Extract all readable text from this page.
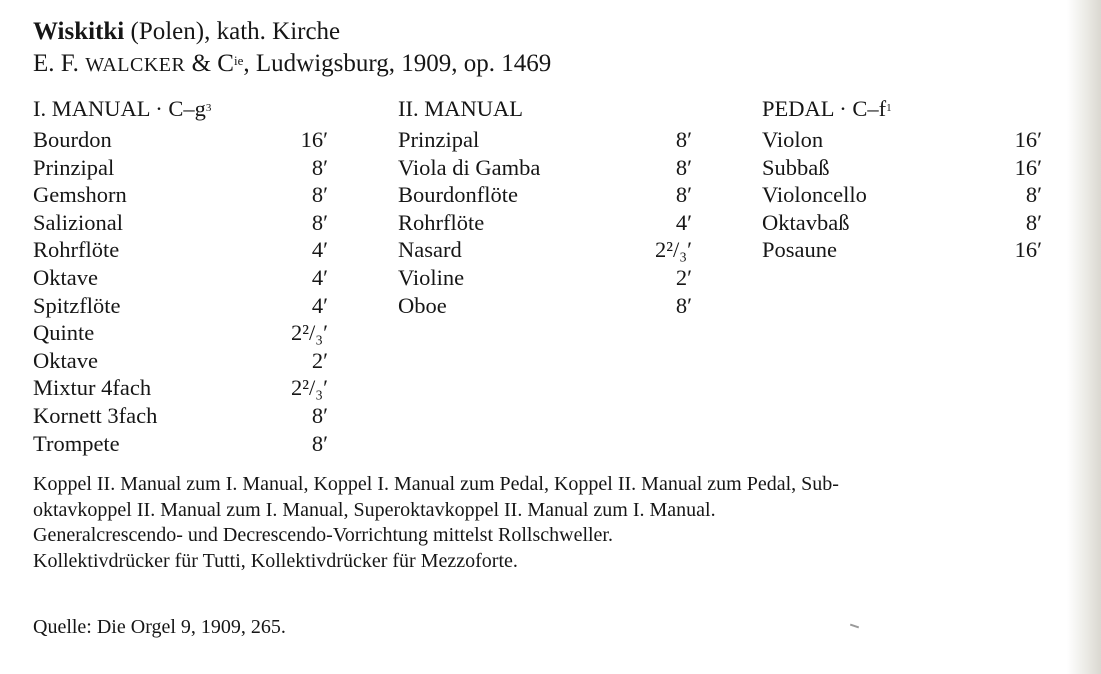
Wiskitki (Polen), kath. Kirche
E. F. WALCKER & $C^{ie}$, Ludwigsburg, 1909, op. 1469
I. MANUAL · $C-g^3$
Bourdon	16′
Prinzipal	8′
Gemshorn	8′
Salizional	8′
Rohrflöte	4′
Oktave	4′
Spitzflöte	4′
Quinte	2²/₃′
Oktave	2′
Mixtur 4fach	2²/₃′
Kornett 3fach	8′
Trompete	8′
II. MANUAL
Prinzipal	8′
Viola di Gamba	8′
Bourdonflöte	8′
Rohrflöte	4′
Nasard	2²/₃′
Violine	2′
Oboe	8′
PEDAL · $C-f^1$
Violon	16′
Subbaß	16′
Violoncello	8′
Oktavbaß	8′
Posaune	16′
Koppel II. Manual zum I. Manual, Koppel I. Manual zum Pedal, Koppel II. Manual zum Pedal, Sub-
oktavkoppel II. Manual zum I. Manual, Superoktavkoppel II. Manual zum I. Manual.
Generalcrescendo- und Decrescendo-Vorrichtung mittelst Rollschweller.
Kollektivdrücker für Tutti, Kollektivdrücker für Mezzoforte.
Quelle: Die Orgel 9, 1909, 265.
